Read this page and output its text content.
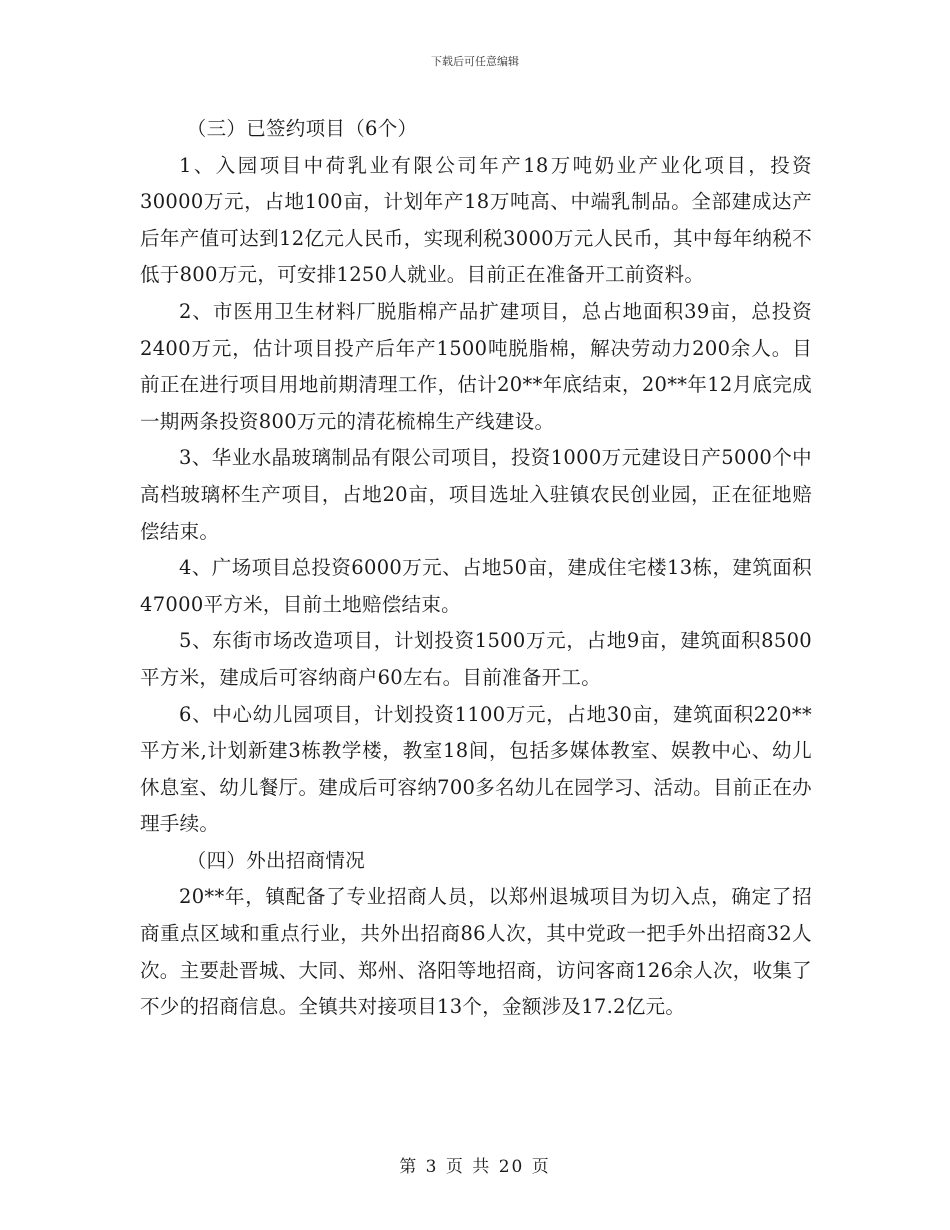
下载后可任意编辑

（三）已签约项目（6个）

1、入园项目中荷乳业有限公司年产18万吨奶业产业化项目，投资30000万元，占地100亩，计划年产18万吨高、中端乳制品。全部建成达产后年产值可达到12亿元人民币，实现利税3000万元人民币，其中每年纳税不低于800万元，可安排1250人就业。目前正在准备开工前资料。

2、市医用卫生材料厂脱脂棉产品扩建项目，总占地面积39亩，总投资2400万元，估计项目投产后年产1500吨脱脂棉，解决劳动力200余人。目前正在进行项目用地前期清理工作，估计20**年底结束，20**年12月底完成一期两条投资800万元的清花梳棉生产线建设。

3、华业水晶玻璃制品有限公司项目，投资1000万元建设日产5000个中高档玻璃杯生产项目，占地20亩，项目选址入驻镇农民创业园，正在征地赔偿结束。

4、广场项目总投资6000万元、占地50亩，建成住宅楼13栋，建筑面积47000平方米，目前土地赔偿结束。

5、东街市场改造项目，计划投资1500万元，占地9亩，建筑面积8500平方米，建成后可容纳商户60左右。目前准备开工。

6、中心幼儿园项目，计划投资1100万元，占地30亩，建筑面积220**平方米,计划新建3栋教学楼，教室18间，包括多媒体教室、娱教中心、幼儿休息室、幼儿餐厅。建成后可容纳700多名幼儿在园学习、活动。目前正在办理手续。

（四）外出招商情况

20**年，镇配备了专业招商人员，以郑州退城项目为切入点，确定了招商重点区域和重点行业，共外出招商86人次，其中党政一把手外出招商32人次。主要赴晋城、大同、郑州、洛阳等地招商，访问客商126余人次，收集了不少的招商信息。全镇共对接项目13个，金额涉及17.2亿元。

第 3 页 共 20 页
